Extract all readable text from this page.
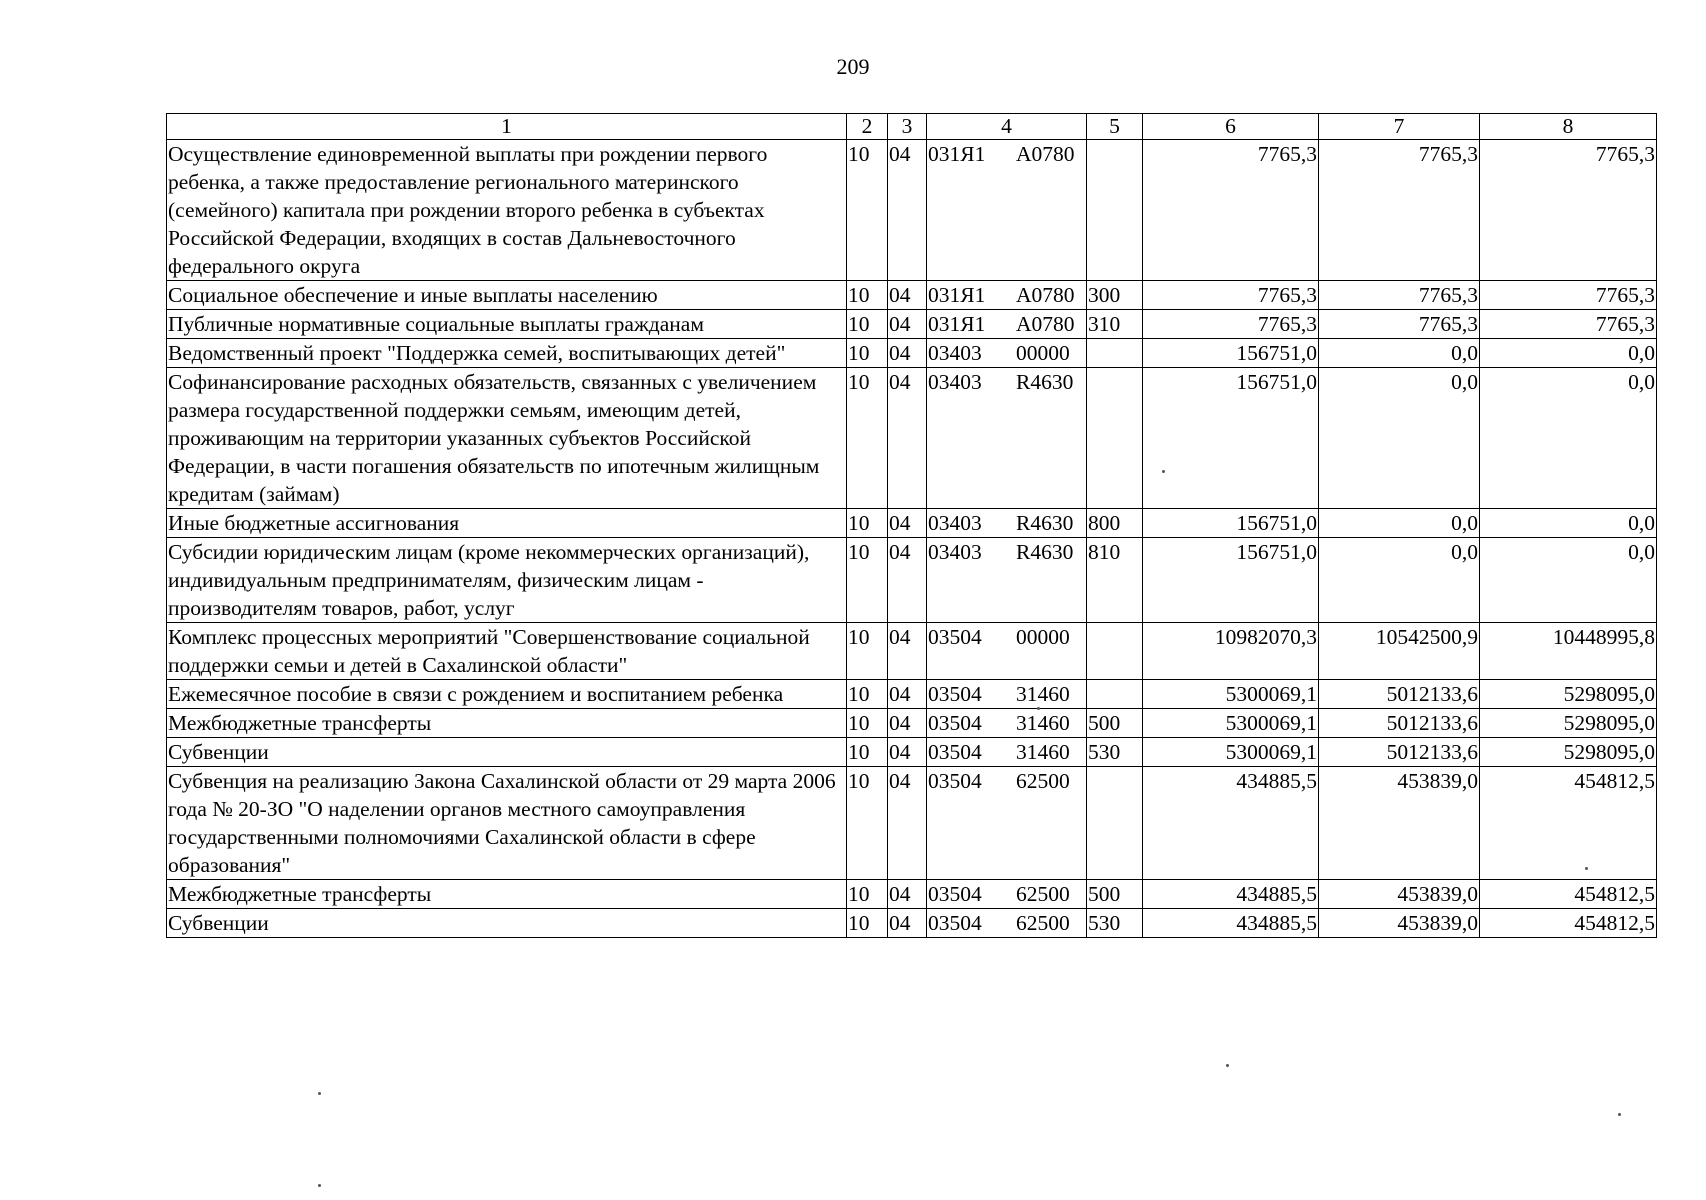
209
1	2	3	4	5	6	7	8
Осуществление единовременной выплаты при рождении первого ребенка, а также предоставление регионального материнского (семейного) капитала при рождении второго ребенка в субъектах Российской Федерации, входящих в состав Дальневосточного федерального округа	10	04	031Я1 А0780		7765,3	7765,3	7765,3
Социальное обеспечение и иные выплаты населению	10	04	031Я1 А0780	300	7765,3	7765,3	7765,3
Публичные нормативные социальные выплаты гражданам	10	04	031Я1 А0780	310	7765,3	7765,3	7765,3
Ведомственный проект "Поддержка семей, воспитывающих детей"	10	04	03403 00000		156751,0	0,0	0,0
Софинансирование расходных обязательств, связанных с увеличением размера государственной поддержки семьям, имеющим детей, проживающим на территории указанных субъектов Российской Федерации, в части погашения обязательств по ипотечным жилищным кредитам (займам)	10	04	03403 R4630		156751,0	0,0	0,0
Иные бюджетные ассигнования	10	04	03403 R4630	800	156751,0	0,0	0,0
Субсидии юридическим лицам (кроме некоммерческих организаций), индивидуальным предпринимателям, физическим лицам - производителям товаров, работ, услуг	10	04	03403 R4630	810	156751,0	0,0	0,0
Комплекс процессных мероприятий "Совершенствование социальной поддержки семьи и детей в Сахалинской области"	10	04	03504 00000		10982070,3	10542500,9	10448995,8
Ежемесячное пособие в связи с рождением и воспитанием ребенка	10	04	03504 31460		5300069,1	5012133,6	5298095,0
Межбюджетные трансферты	10	04	03504 31460	500	5300069,1	5012133,6	5298095,0
Субвенции	10	04	03504 31460	530	5300069,1	5012133,6	5298095,0
Субвенция на реализацию Закона Сахалинской области от 29 марта 2006 года № 20-ЗО "О наделении органов местного самоуправления государственными полномочиями Сахалинской области в сфере образования"	10	04	03504 62500		434885,5	453839,0	454812,5
Межбюджетные трансферты	10	04	03504 62500	500	434885,5	453839,0	454812,5
Субвенции	10	04	03504 62500	530	434885,5	453839,0	454812,5
